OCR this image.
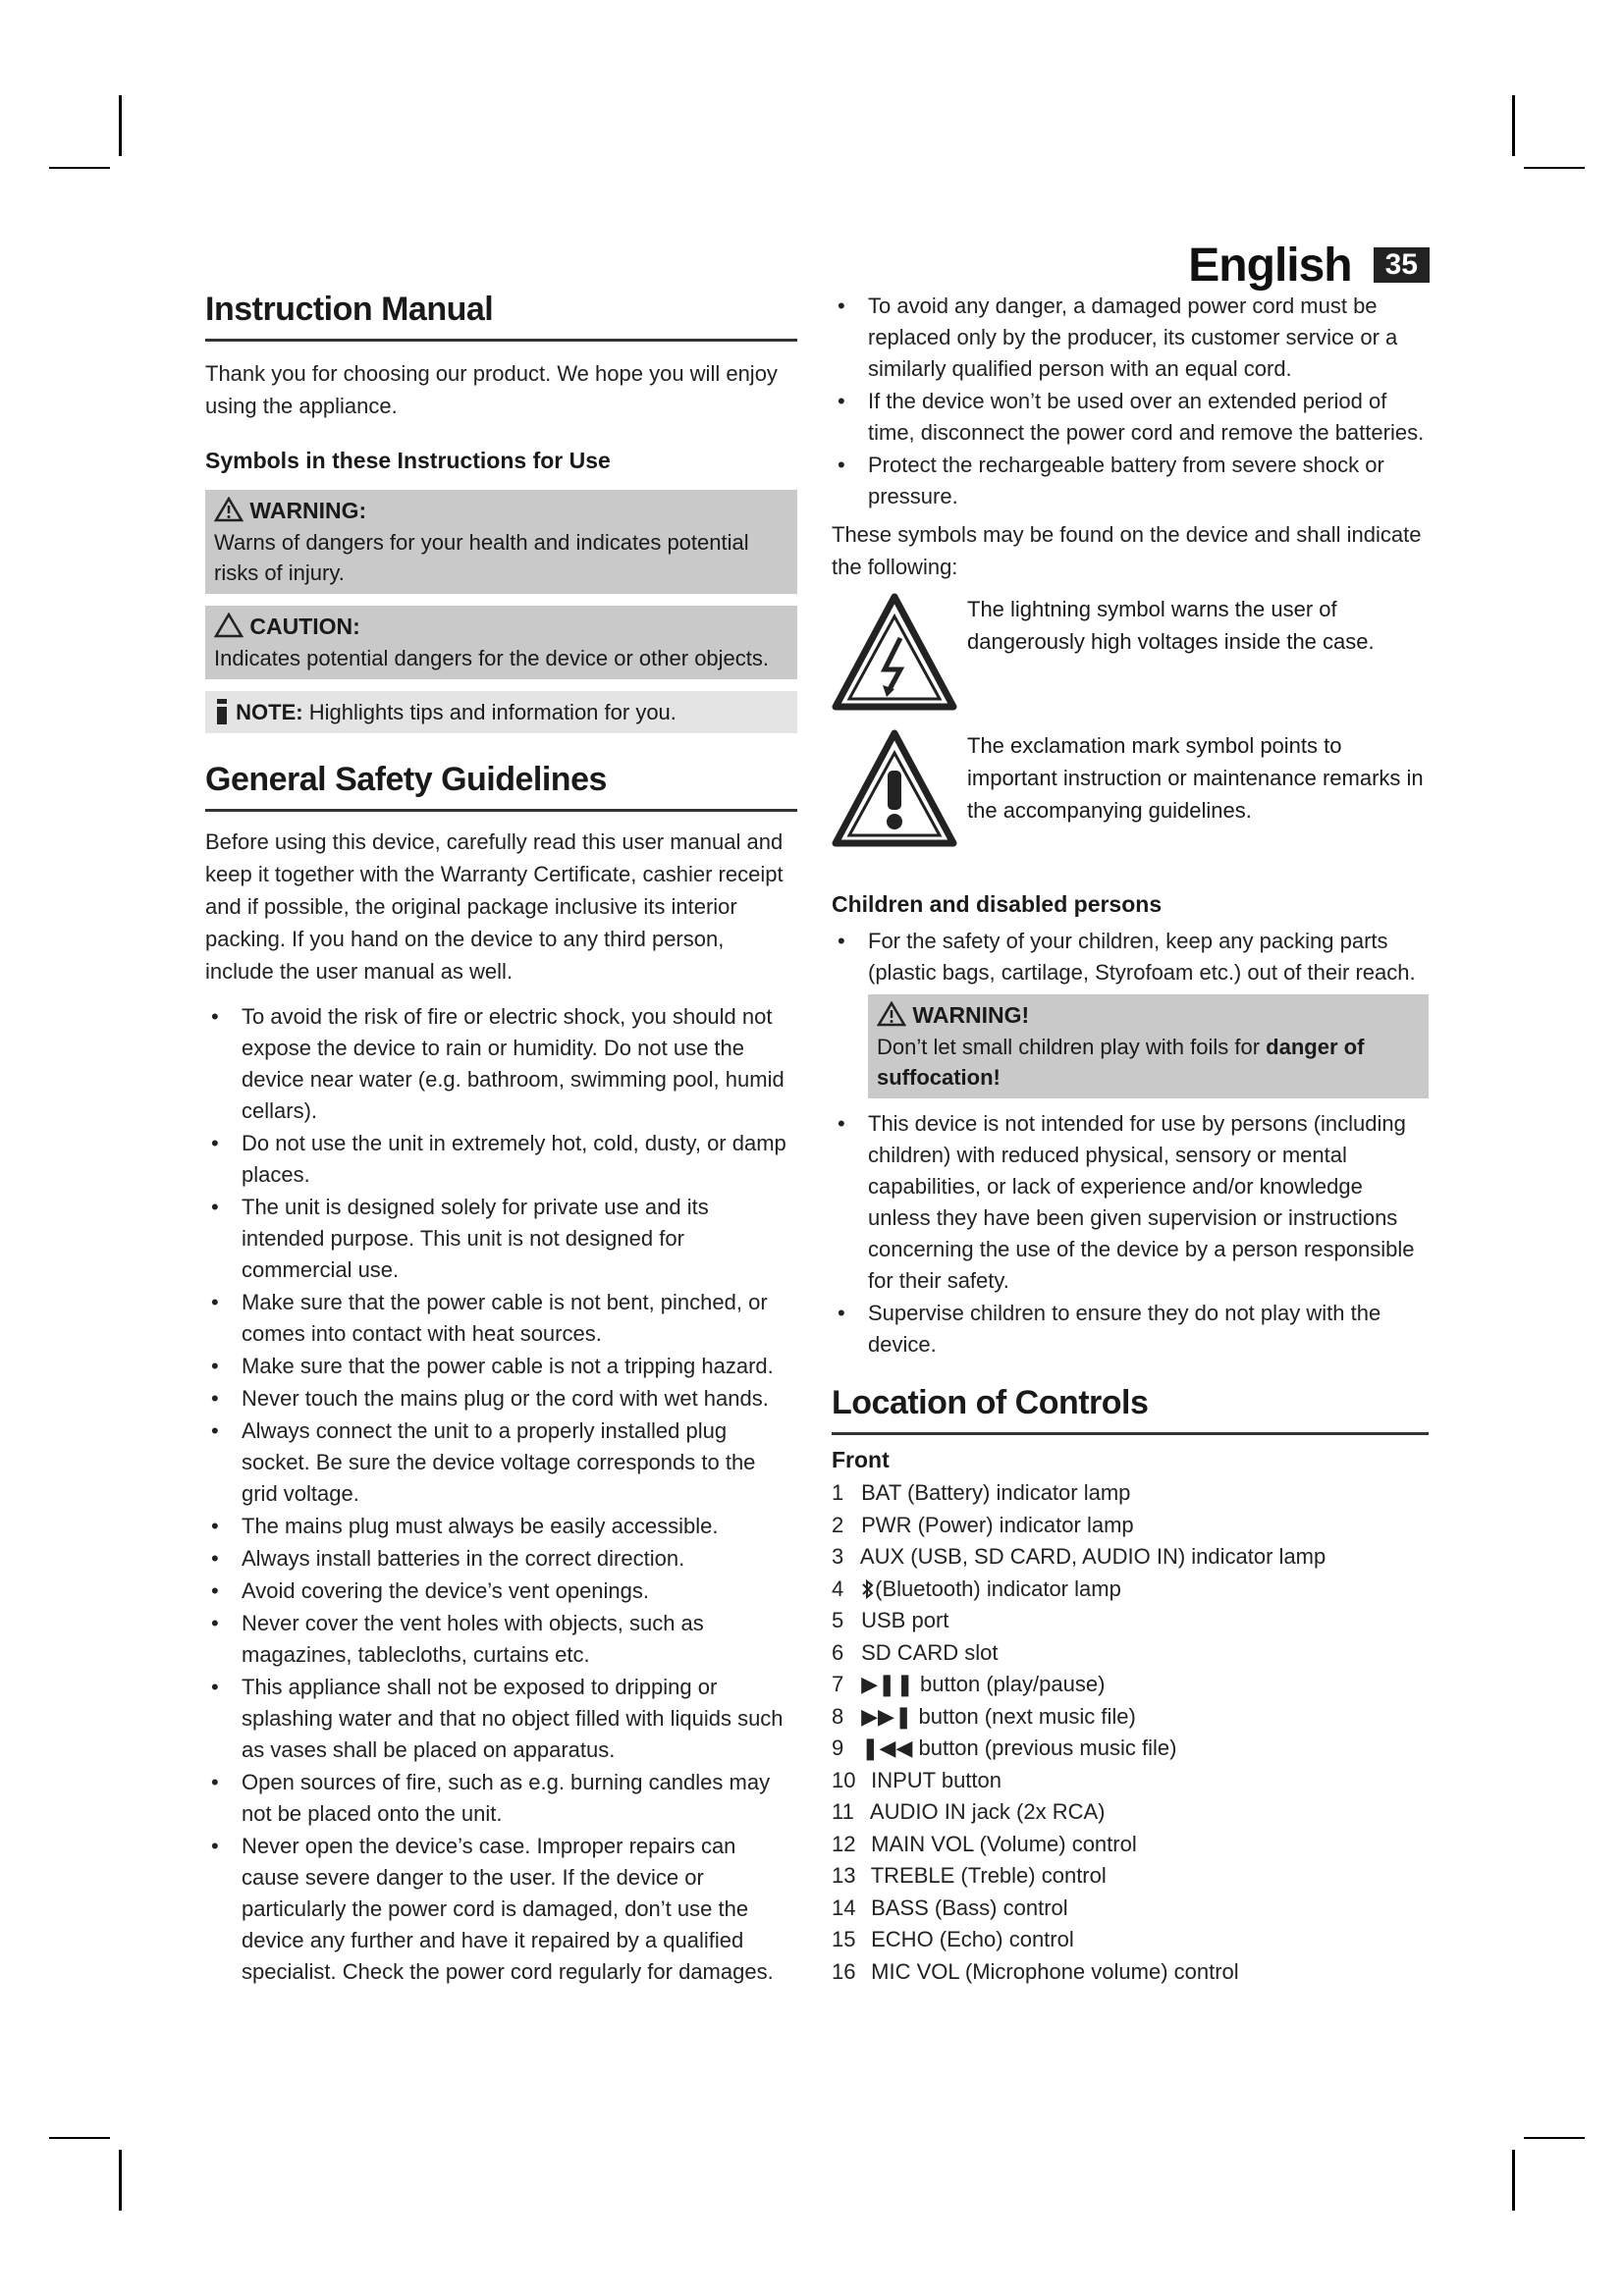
English	35
Instruction Manual

Thank you for choosing our product. We hope you will enjoy using the appliance.

Symbols in these Instructions for Use
WARNING:
Warns of dangers for your health and indicates potential risks of injury.
CAUTION:
Indicates potential dangers for the device or other objects.
NOTE: Highlights tips and information for you.
General Safety Guidelines

Before using this device, carefully read this user manual and keep it together with the Warranty Certificate, cashier receipt and if possible, the original package inclusive its interior packing. If you hand on the device to any third person, include the user manual as well.

• To avoid the risk of fire or electric shock, you should not expose the device to rain or humidity. Do not use the device near water (e.g. bathroom, swimming pool, humid cellars).
• Do not use the unit in extremely hot, cold, dusty, or damp places.
• The unit is designed solely for private use and its intended purpose. This unit is not designed for commercial use.
• Make sure that the power cable is not bent, pinched, or comes into contact with heat sources.
• Make sure that the power cable is not a tripping hazard.
• Never touch the mains plug or the cord with wet hands.
• Always connect the unit to a properly installed plug socket. Be sure the device voltage corresponds to the grid voltage.
• The mains plug must always be easily accessible.
• Always install batteries in the correct direction.
• Avoid covering the device’s vent openings.
• Never cover the vent holes with objects, such as magazines, tablecloths, curtains etc.
• This appliance shall not be exposed to dripping or splashing water and that no object filled with liquids such as vases shall be placed on apparatus.
• Open sources of fire, such as e.g. burning candles may not be placed onto the unit.
• Never open the device’s case. Improper repairs can cause severe danger to the user. If the device or particularly the power cord is damaged, don’t use the device any further and have it repaired by a qualified specialist. Check the power cord regularly for damages.
• To avoid any danger, a damaged power cord must be replaced only by the producer, its customer service or a similarly qualified person with an equal cord.
• If the device won’t be used over an extended period of time, disconnect the power cord and remove the batteries.
• Protect the rechargeable battery from severe shock or pressure.

These symbols may be found on the device and shall indicate the following:

The lightning symbol warns the user of dangerously high voltages inside the case.
The exclamation mark symbol points to important instruction or maintenance remarks in the accompanying guidelines.
Children and disabled persons
• For the safety of your children, keep any packing parts (plastic bags, cartilage, Styrofoam etc.) out of their reach.
WARNING!
Don’t let small children play with foils for danger of suffocation!
• This device is not intended for use by persons (including children) with reduced physical, sensory or mental capabilities, or lack of experience and/or knowledge unless they have been given supervision or instructions concerning the use of the device by a person responsible for their safety.
• Supervise children to ensure they do not play with the device.
Location of Controls
Front
1 BAT (Battery) indicator lamp
2 PWR (Power) indicator lamp
3 AUX (USB, SD CARD, AUDIO IN) indicator lamp
4 (Bluetooth) indicator lamp
5 USB port
6 SD CARD slot
7 ▶❚❚ button (play/pause)
8 ▶▶❚ button (next music file)
9 ❚◀◀ button (previous music file)
10 INPUT button
11 AUDIO IN jack (2x RCA)
12 MAIN VOL (Volume) control
13 TREBLE (Treble) control
14 BASS (Bass) control
15 ECHO (Echo) control
16 MIC VOL (Microphone volume) control
